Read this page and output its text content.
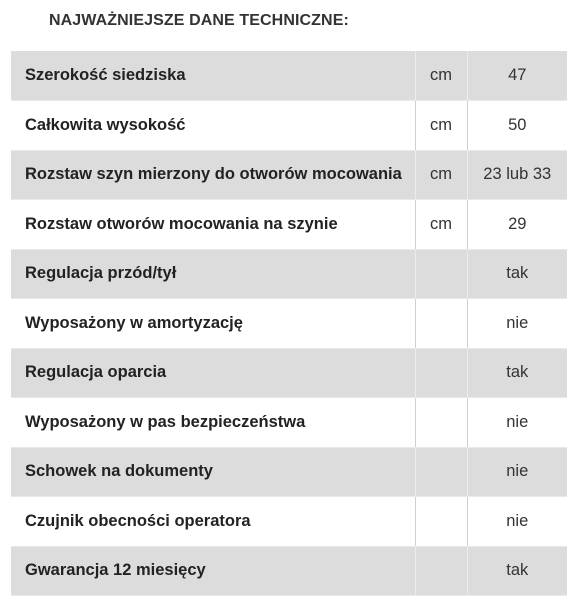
NAJWAŻNIEJSZE DANE TECHNICZNE:
Szerokość siedziska	cm	47
Całkowita wysokość	cm	50
Rozstaw szyn mierzony do otworów mocowania	cm	23 lub 33
Rozstaw otworów mocowania na szynie	cm	29
Regulacja przód/tył		tak
Wyposażony w amortyzację		nie
Regulacja oparcia		tak
Wyposażony w pas bezpieczeństwa		nie
Schowek na dokumenty		nie
Czujnik obecności operatora		nie
Gwarancja 12 miesięcy		tak
